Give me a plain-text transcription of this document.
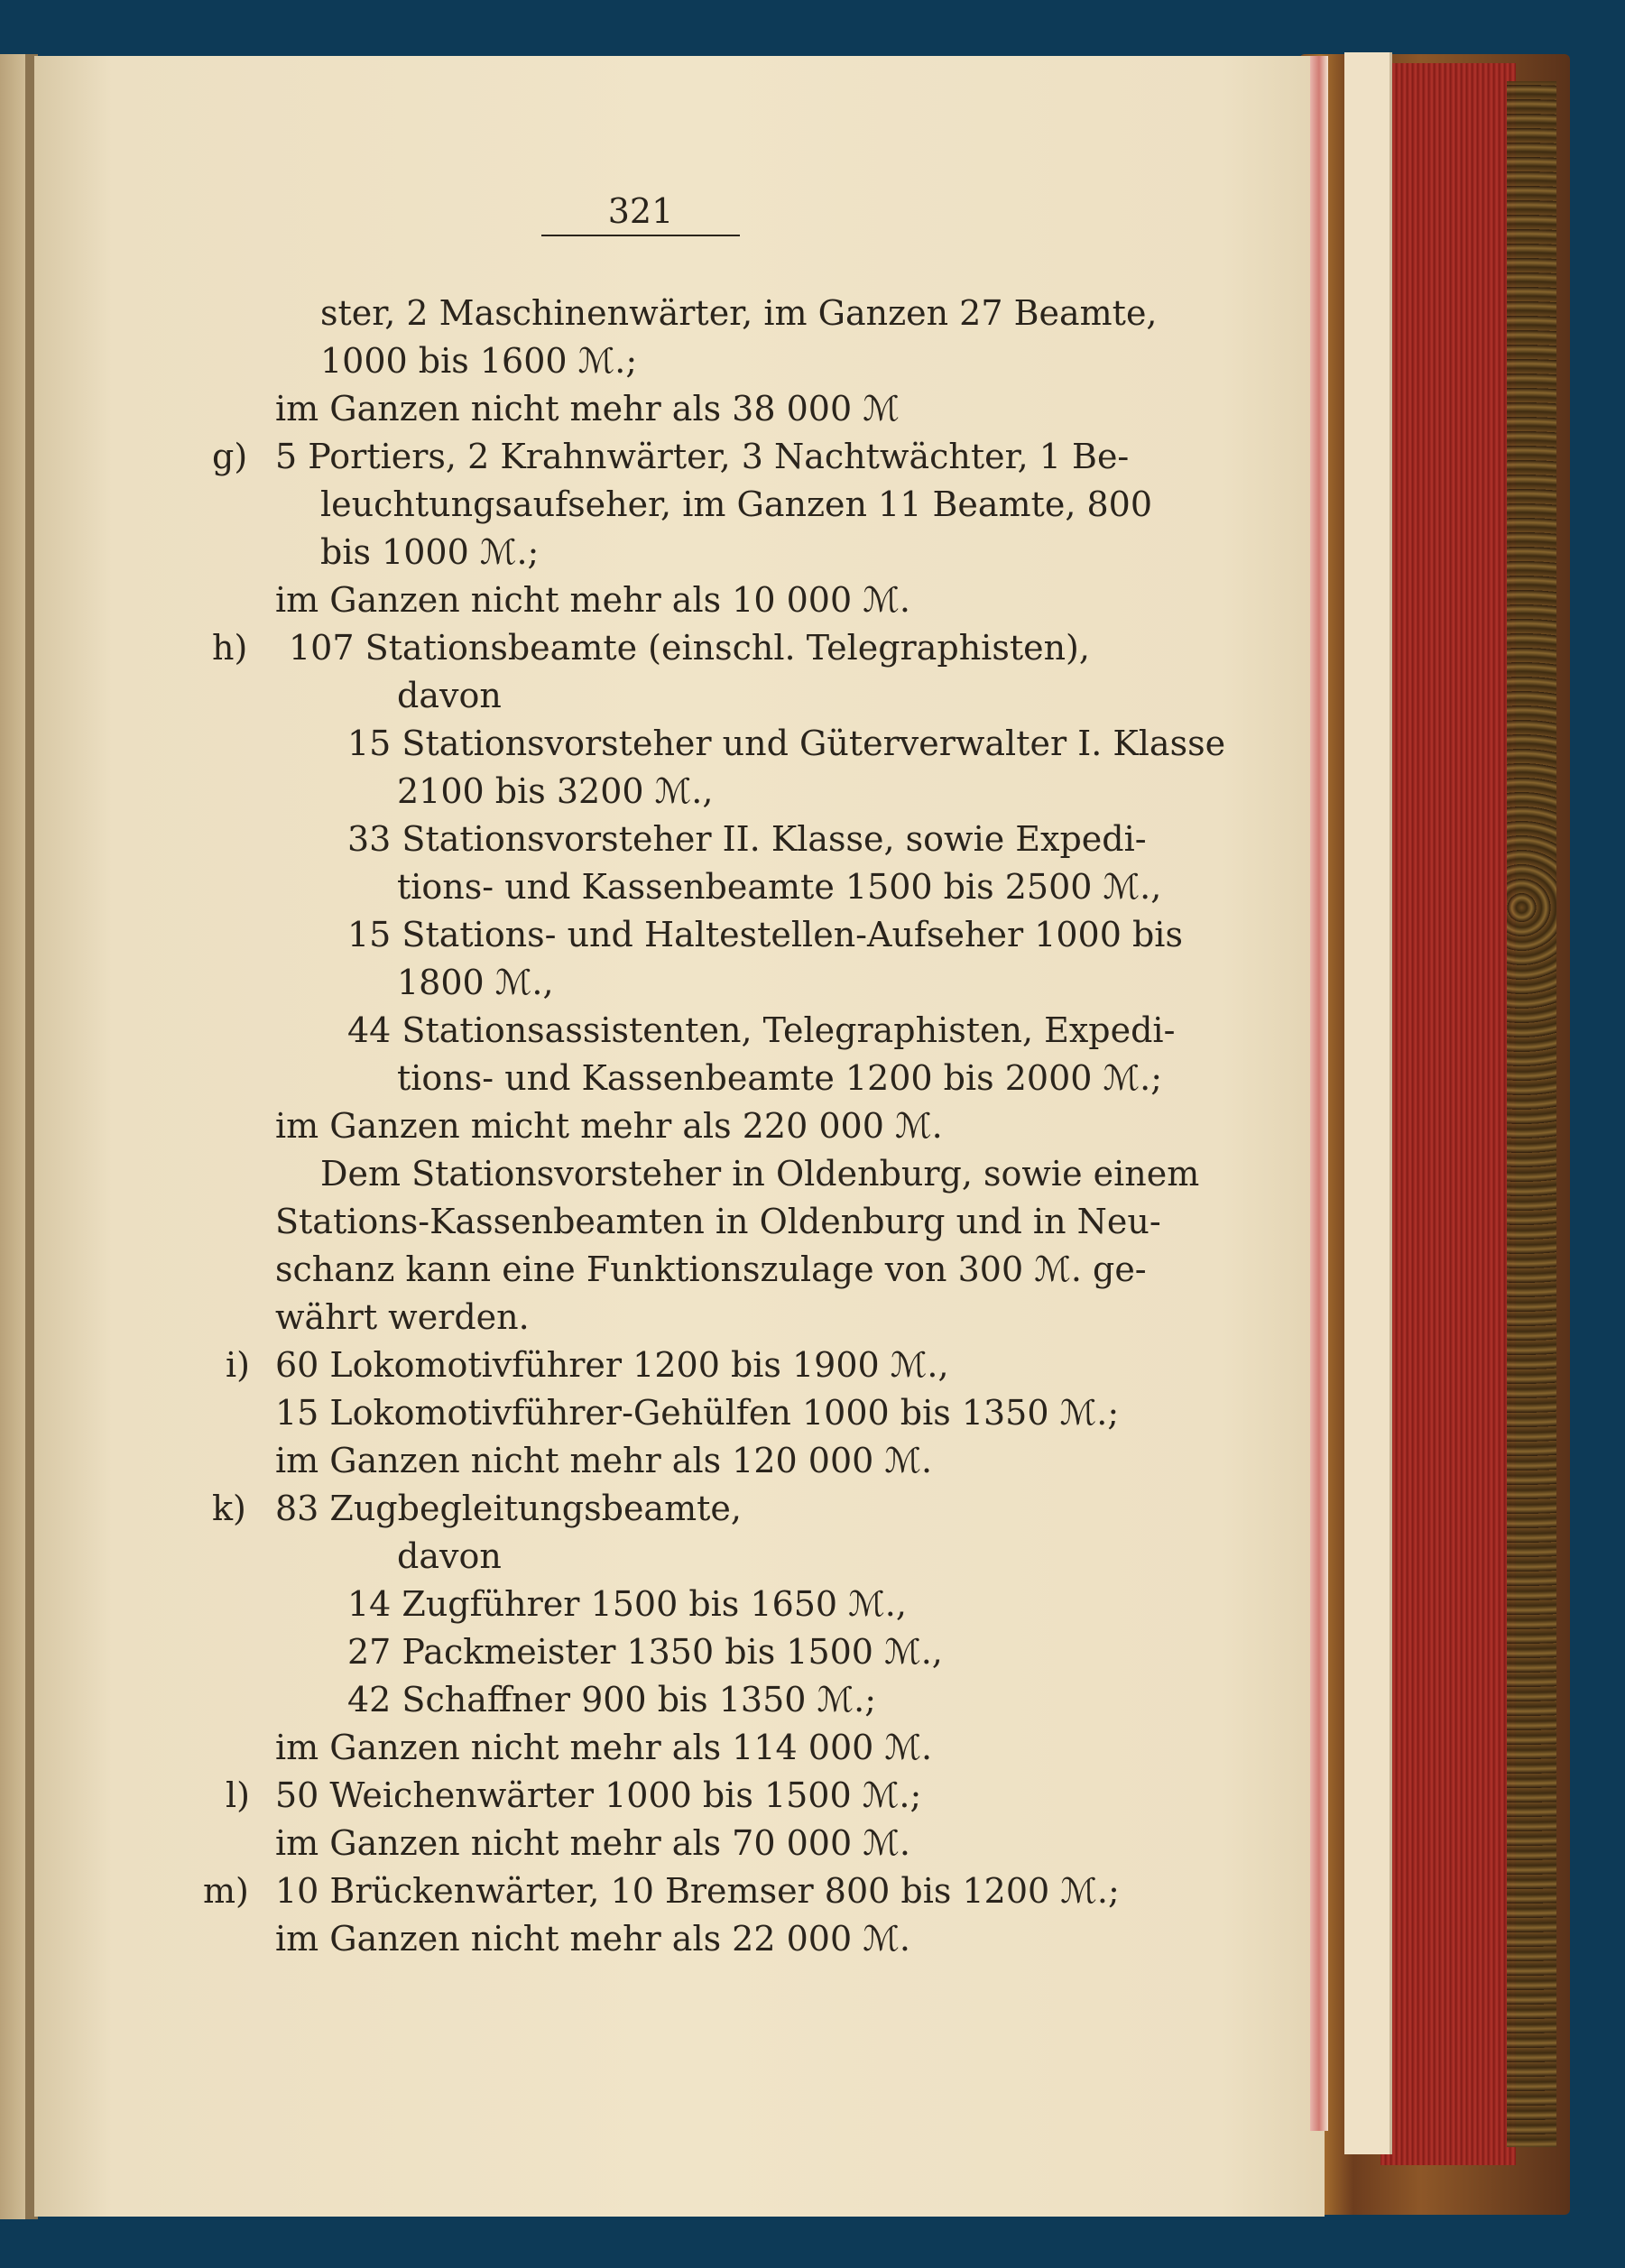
321
ster, 2 Maschinenwärter, im Ganzen 27 Beamte,
1000 bis 1600 ℳ.;
im Ganzen nicht mehr als 38 000 ℳ
g) 5 Portiers, 2 Krahnwärter, 3 Nachtwächter, 1 Be-
leuchtungsaufseher, im Ganzen 11 Beamte, 800
bis 1000 ℳ.;
im Ganzen nicht mehr als 10 000 ℳ.
h) 107 Stationsbeamte (einschl. Telegraphisten),
davon
15 Stationsvorsteher und Güterverwalter I. Klasse
2100 bis 3200 ℳ.,
33 Stationsvorsteher II. Klasse, sowie Expedi-
tions- und Kassenbeamte 1500 bis 2500 ℳ.,
15 Stations- und Haltestellen-Aufseher 1000 bis
1800 ℳ.,
44 Stationsassistenten, Telegraphisten, Expedi-
tions- und Kassenbeamte 1200 bis 2000 ℳ.;
im Ganzen micht mehr als 220 000 ℳ.
Dem Stationsvorsteher in Oldenburg, sowie einem
Stations-Kassenbeamten in Oldenburg und in Neu-
schanz kann eine Funktionszulage von 300 ℳ. ge-
währt werden.
i) 60 Lokomotivführer 1200 bis 1900 ℳ.,
15 Lokomotivführer-Gehülfen 1000 bis 1350 ℳ.;
im Ganzen nicht mehr als 120 000 ℳ.
k) 83 Zugbegleitungsbeamte,
davon
14 Zugführer 1500 bis 1650 ℳ.,
27 Packmeister 1350 bis 1500 ℳ.,
42 Schaffner 900 bis 1350 ℳ.;
im Ganzen nicht mehr als 114 000 ℳ.
l) 50 Weichenwärter 1000 bis 1500 ℳ.;
im Ganzen nicht mehr als 70 000 ℳ.
m) 10 Brückenwärter, 10 Bremser 800 bis 1200 ℳ.;
im Ganzen nicht mehr als 22 000 ℳ.
